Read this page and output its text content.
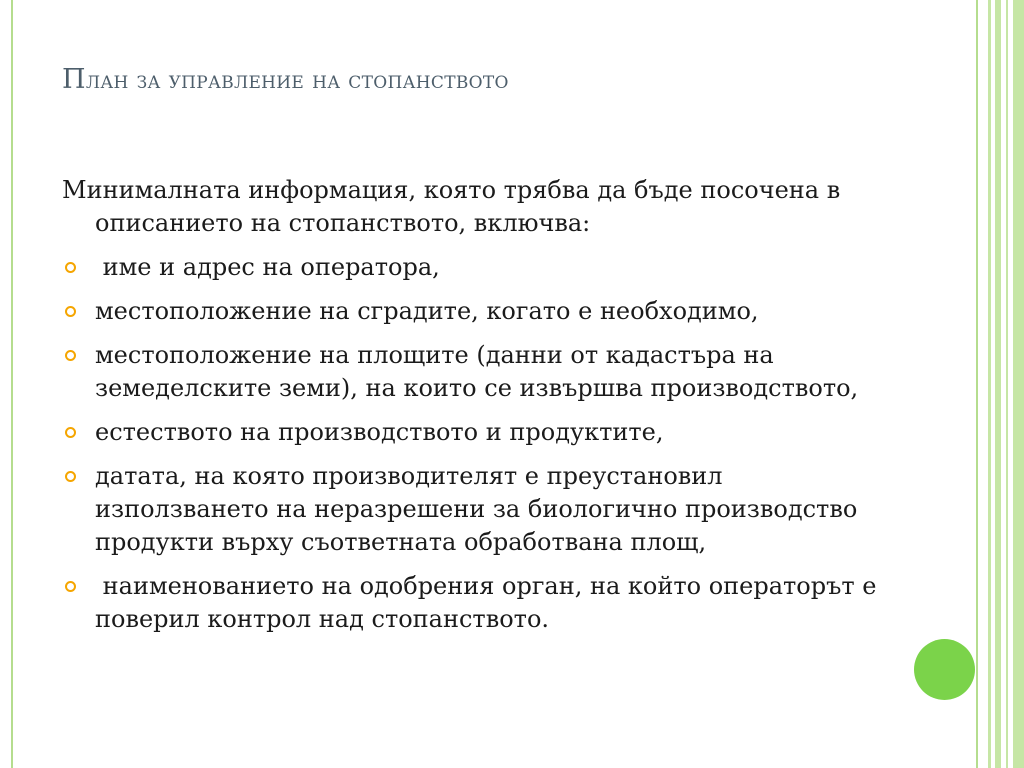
План за управление на стопанството

Минималната информация, която трябва да бъде посочена в описанието на стопанството, включва:

име и адрес на оператора,
местоположение на сградите, когато е необходимо,
местоположение на площите (данни от кадастъра на земеделските земи), на които се извършва производството,
естеството на производството и продуктите,
датата, на която производителят е преустановил използването на неразрешени за биологично производство продукти върху съответната обработвана площ,
наименованието на одобрения орган, на който операторът е поверил контрол над стопанството.
